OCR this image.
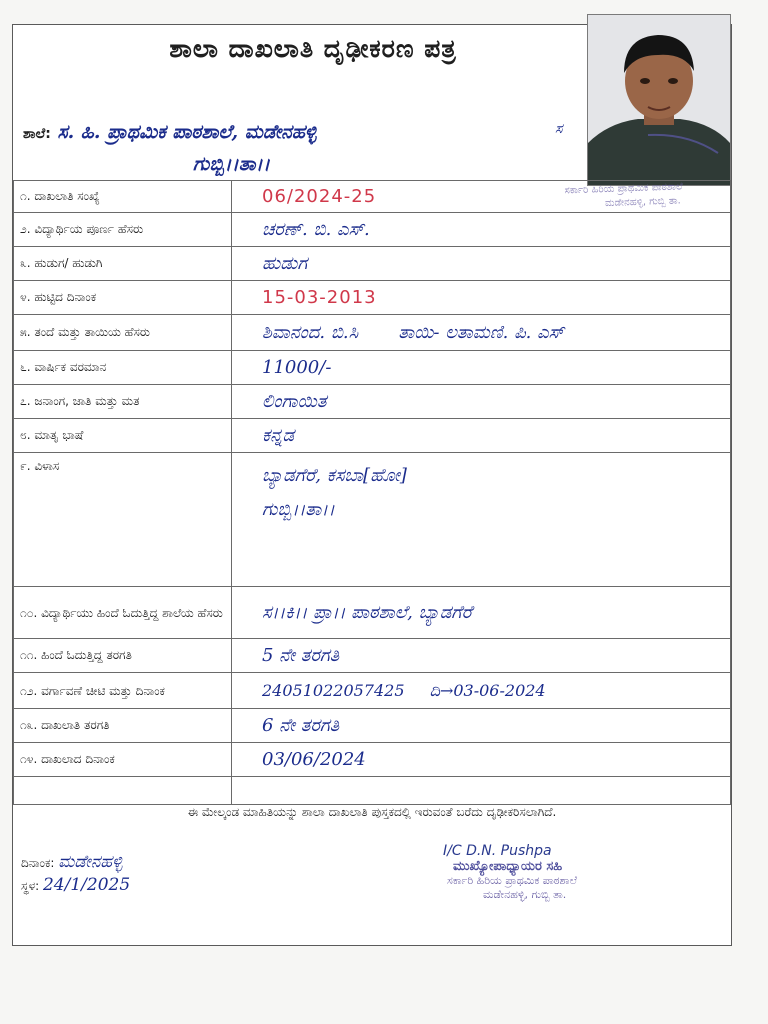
ಶಾಲಾ ದಾಖಲಾತಿ ದೃಢೀಕರಣ ಪತ್ರ
ಶಾಲೆ: ಸ. ಹಿ. ಪ್ರಾಥಮಿಕ ಪಾಠಶಾಲೆ, ಮಡೇನಹಳ್ಳಿ
ಗುಬ್ಬಿ।।ತಾ।।
ಸ
ಸರ್ಕಾರಿ ಹಿರಿಯ ಪ್ರಾಥಮಿಕ ಪಾಠಶಾಲೆ
ಮಡೇನಹಳ್ಳಿ, ಗುಬ್ಬಿ ತಾ.
೧. ದಾಖಲಾತಿ ಸಂಖ್ಯೆ	06/2024-25
೨. ವಿದ್ಯಾರ್ಥಿಯ ಪೂರ್ಣ ಹೆಸರು	ಚರಣ್. ಬಿ. ಎಸ್.
೩. ಹುಡುಗ/ ಹುಡುಗಿ	ಹುಡುಗ
೪. ಹುಟ್ಟಿದ ದಿನಾಂಕ	15-03-2013
೫. ತಂದೆ ಮತ್ತು ತಾಯಿಯ ಹೆಸರು	ಶಿವಾನಂದ. ಬಿ.ಸಿ ತಾಯಿ- ಲತಾಮಣಿ. ಪಿ. ಎಸ್
೬. ವಾರ್ಷಿಕ ವರಮಾನ	11000/-
೭. ಜನಾಂಗ, ಜಾತಿ ಮತ್ತು ಮತ	ಲಿಂಗಾಯಿತ
೮. ಮಾತೃ ಭಾಷೆ	ಕನ್ನಡ
೯. ವಿಳಾಸ	ಬ್ಯಾಡಗೆರೆ, ಕಸಬಾ[ಹೋ]
ಗುಬ್ಬಿ।।ತಾ।।

೧೦. ವಿದ್ಯಾರ್ಥಿಯು ಹಿಂದೆ ಓದುತ್ತಿದ್ದ ಶಾಲೆಯ ಹೆಸರು	ಸ।।ಕಿ।। ಪ್ರಾ।। ಪಾಠಶಾಲೆ, ಬ್ಯಾಡಗೆರೆ
೧೧. ಹಿಂದೆ ಓದುತ್ತಿದ್ದ ತರಗತಿ	5 ನೇ ತರಗತಿ
೧೨. ವರ್ಗಾವಣೆ ಚೀಟಿ ಮತ್ತು ದಿನಾಂಕ	24051022057425 ದಿ→03-06-2024
೧೩. ದಾಖಲಾತಿ ತರಗತಿ	6 ನೇ ತರಗತಿ
೧೪. ದಾಖಲಾದ ದಿನಾಂಕ	03/06/2024

ಈ ಮೇಲ್ಕಂಡ ಮಾಹಿತಿಯನ್ನು ಶಾಲಾ ದಾಖಲಾತಿ ಪುಸ್ತಕದಲ್ಲಿ ಇರುವಂತೆ ಬರೆದು ದೃಢೀಕರಿಸಲಾಗಿದೆ.
ದಿನಾಂಕ: ಮಡೇನಹಳ್ಳಿ
ಸ್ಥಳ: 24/1/2025
I/C D.N. Pushpa
ಮುಖ್ಯೋಪಾಧ್ಯಾಯರ ಸಹಿ
ಸರ್ಕಾರಿ ಹಿರಿಯ ಪ್ರಾಥಮಿಕ ಪಾಠಶಾಲೆ
ಮಡೇನಹಳ್ಳಿ, ಗುಬ್ಬಿ ತಾ.
